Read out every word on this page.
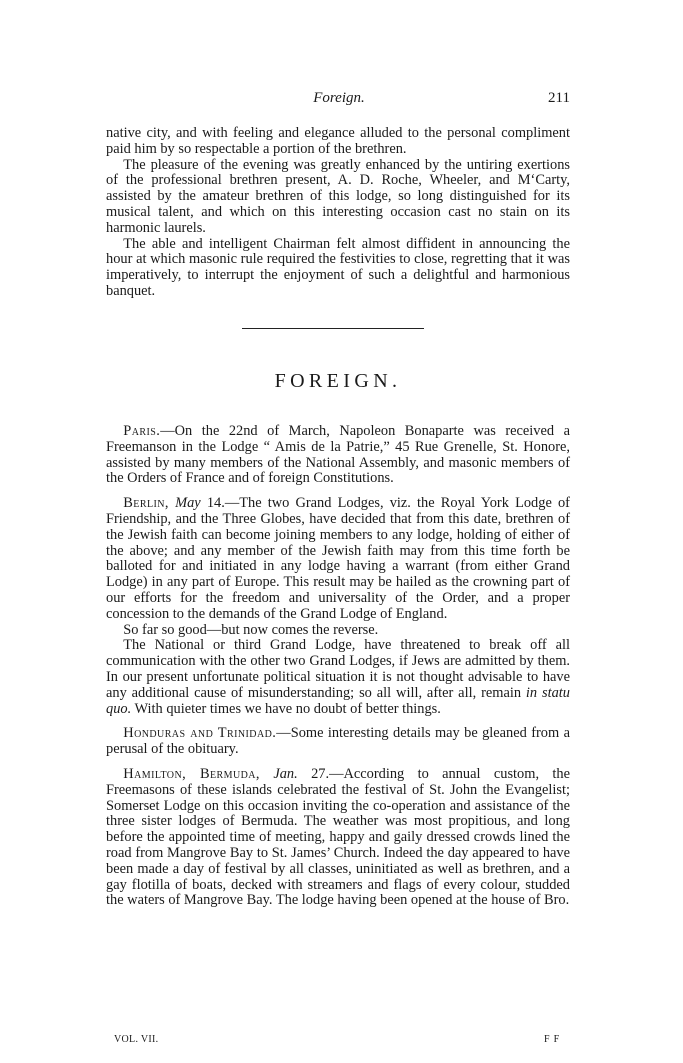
Foreign.	211

native city, and with feeling and elegance alluded to the personal compliment paid him by so respectable a portion of the brethren.

The pleasure of the evening was greatly enhanced by the untiring exertions of the professional brethren present, A. D. Roche, Wheeler, and M‘Carty, assisted by the amateur brethren of this lodge, so long distinguished for its musical talent, and which on this interesting occasion cast no stain on its harmonic laurels.

The able and intelligent Chairman felt almost diffident in announcing the hour at which masonic rule required the festivities to close, regretting that it was imperatively, to interrupt the enjoyment of such a delightful and harmonious banquet.

FOREIGN.

Paris.—On the 22nd of March, Napoleon Bonaparte was received a Freemanson in the Lodge “ Amis de la Patrie,” 45 Rue Grenelle, St. Honore, assisted by many members of the National Assembly, and masonic members of the Orders of France and of foreign Constitutions.

Berlin, May 14.—The two Grand Lodges, viz. the Royal York Lodge of Friendship, and the Three Globes, have decided that from this date, brethren of the Jewish faith can become joining members to any lodge, holding of either of the above; and any member of the Jewish faith may from this time forth be balloted for and initiated in any lodge having a warrant (from either Grand Lodge) in any part of Europe. This result may be hailed as the crowning part of our efforts for the freedom and universality of the Order, and a proper concession to the demands of the Grand Lodge of England.

So far so good—but now comes the reverse.

The National or third Grand Lodge, have threatened to break off all communication with the other two Grand Lodges, if Jews are admitted by them. In our present unfortunate political situation it is not thought advisable to have any additional cause of misunderstanding; so all will, after all, remain in statu quo. With quieter times we have no doubt of better things.

Honduras and Trinidad.—Some interesting details may be gleaned from a perusal of the obituary.

Hamilton, Bermuda, Jan. 27.—According to annual custom, the Freemasons of these islands celebrated the festival of St. John the Evangelist; Somerset Lodge on this occasion inviting the co-operation and assistance of the three sister lodges of Bermuda. The weather was most propitious, and long before the appointed time of meeting, happy and gaily dressed crowds lined the road from Mangrove Bay to St. James’ Church. Indeed the day appeared to have been made a day of festival by all classes, uninitiated as well as brethren, and a gay flotilla of boats, decked with streamers and flags of every colour, studded the waters of Mangrove Bay. The lodge having been opened at the house of Bro.

VOL. VII.	F F
